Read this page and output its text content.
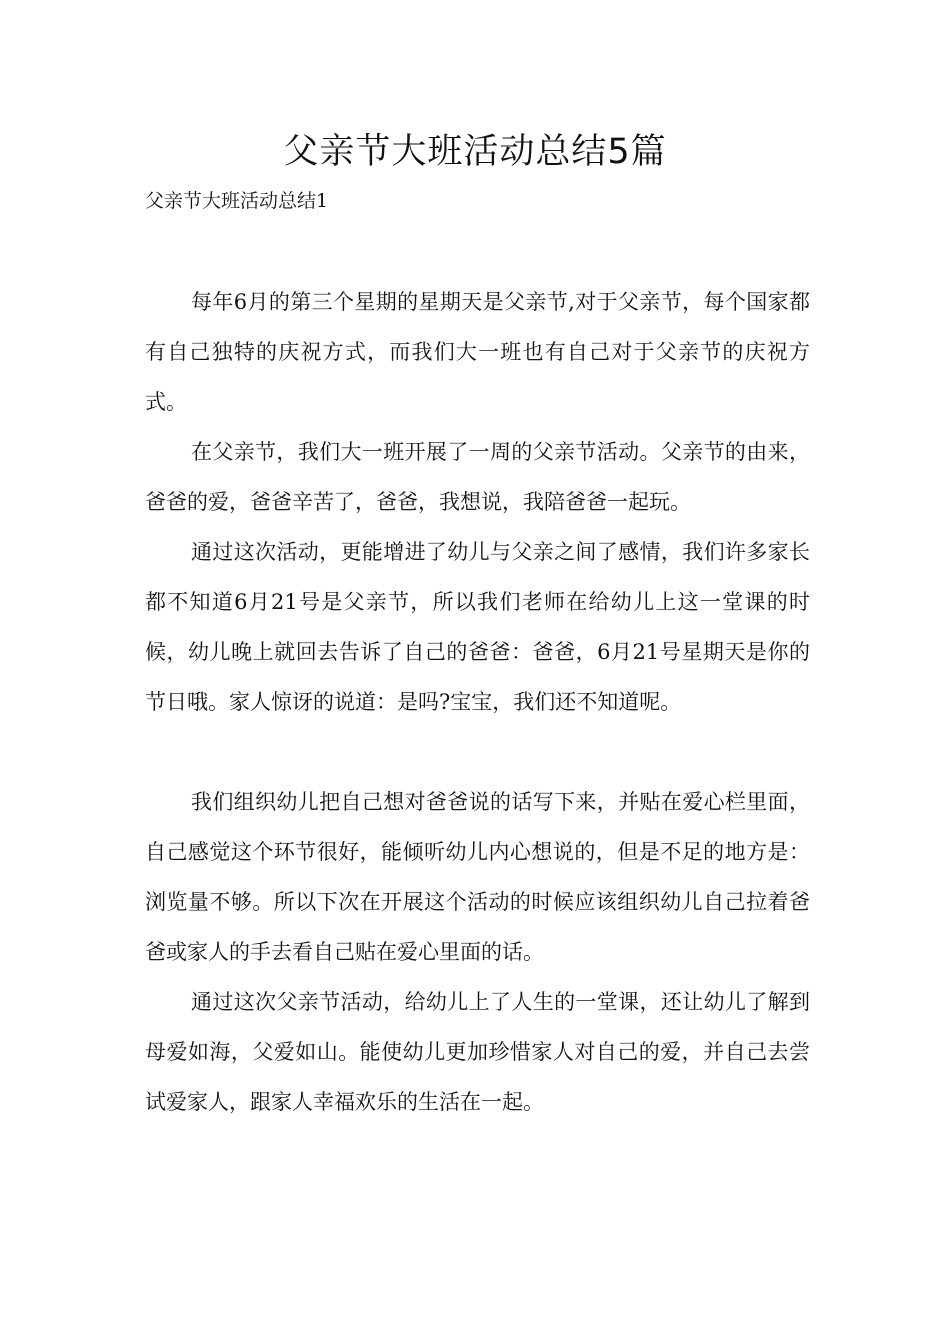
父亲节大班活动总结5篇

父亲节大班活动总结1

每年6月的第三个星期的星期天是父亲节,对于父亲节，每个国家都有自己独特的庆祝方式，而我们大一班也有自己对于父亲节的庆祝方式。

在父亲节，我们大一班开展了一周的父亲节活动。父亲节的由来，爸爸的爱，爸爸辛苦了，爸爸，我想说，我陪爸爸一起玩。

通过这次活动，更能增进了幼儿与父亲之间了感情，我们许多家长都不知道6月21号是父亲节，所以我们老师在给幼儿上这一堂课的时候，幼儿晚上就回去告诉了自己的爸爸：爸爸，6月21号星期天是你的节日哦。家人惊讶的说道：是吗?宝宝，我们还不知道呢。

我们组织幼儿把自己想对爸爸说的话写下来，并贴在爱心栏里面，自己感觉这个环节很好，能倾听幼儿内心想说的，但是不足的地方是：浏览量不够。所以下次在开展这个活动的时候应该组织幼儿自己拉着爸爸或家人的手去看自己贴在爱心里面的话。

通过这次父亲节活动，给幼儿上了人生的一堂课，还让幼儿了解到母爱如海，父爱如山。能使幼儿更加珍惜家人对自己的爱，并自己去尝试爱家人，跟家人幸福欢乐的生活在一起。
